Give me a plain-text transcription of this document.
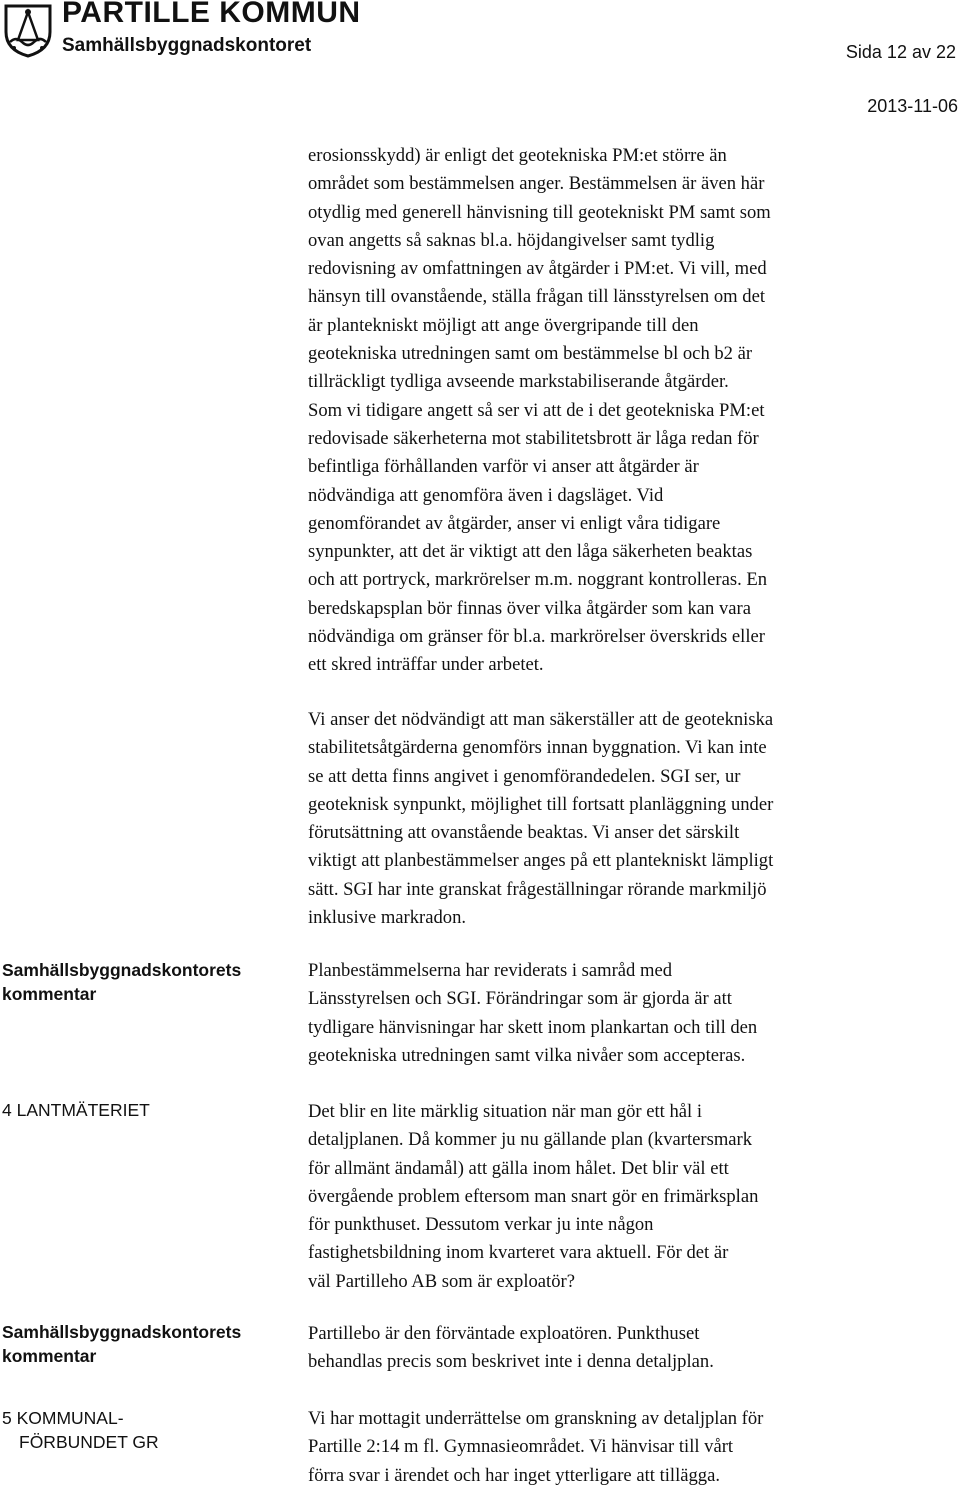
PARTILLE KOMMUN
Samhällsbyggnadskontoret	Sida 12 av 22
2013-11-06

erosionsskydd) är enligt det geotekniska PM:et större än

området som bestämmelsen anger. Bestämmelsen är även här

otydlig med generell hänvisning till geotekniskt PM samt som

ovan angetts så saknas bl.a. höjdangivelser samt tydlig

redovisning av omfattningen av åtgärder i PM:et. Vi vill, med

hänsyn till ovanstående, ställa frågan till länsstyrelsen om det

är plantekniskt möjligt att ange övergripande till den

geotekniska utredningen samt om bestämmelse bl och b2 är

tillräckligt tydliga avseende markstabiliserande åtgärder.

Som vi tidigare angett så ser vi att de i det geotekniska PM:et

redovisade säkerheterna mot stabilitetsbrott är låga redan för

befintliga förhållanden varför vi anser att åtgärder är

nödvändiga att genomföra även i dagsläget. Vid

genomförandet av åtgärder, anser vi enligt våra tidigare

synpunkter, att det är viktigt att den låga säkerheten beaktas

och att portryck, markrörelser m.m. noggrant kontrolleras. En

beredskapsplan bör finnas över vilka åtgärder som kan vara

nödvändiga om gränser för bl.a. markrörelser överskrids eller

ett skred inträffar under arbetet.

Vi anser det nödvändigt att man säkerställer att de geotekniska

stabilitetsåtgärderna genomförs innan byggnation. Vi kan inte

se att detta finns angivet i genomförandedelen. SGI ser, ur

geoteknisk synpunkt, möjlighet till fortsatt planläggning under

förutsättning att ovanstående beaktas. Vi anser det särskilt

viktigt att planbestämmelser anges på ett plantekniskt lämpligt

sätt. SGI har inte granskat frågeställningar rörande markmiljö

inklusive markradon.

Samhällsbyggnadskontorets
kommentar

Planbestämmelserna har reviderats i samråd med

Länsstyrelsen och SGI. Förändringar som är gjorda är att

tydligare hänvisningar har skett inom plankartan och till den

geotekniska utredningen samt vilka nivåer som accepteras.

4 LANTMÄTERIET	Det blir en lite märklig situation när man gör ett hål i

detaljplanen. Då kommer ju nu gällande plan (kvartersmark

för allmänt ändamål) att gälla inom hålet. Det blir väl ett

övergående problem eftersom man snart gör en frimärksplan

för punkthuset. Dessutom verkar ju inte någon

fastighetsbildning inom kvarteret vara aktuell. För det är

väl Partilleho AB som är exploatör?

Samhällsbyggnadskontorets
kommentar

Partillebo är den förväntade exploatören. Punkthuset

behandlas precis som beskrivet inte i denna detaljplan.

5 KOMMUNAL-
FÖRBUNDET GR

Vi har mottagit underrättelse om granskning av detaljplan för

Partille 2:14 m fl. Gymnasieområdet. Vi hänvisar till vårt

förra svar i ärendet och har inget ytterligare att tillägga.
